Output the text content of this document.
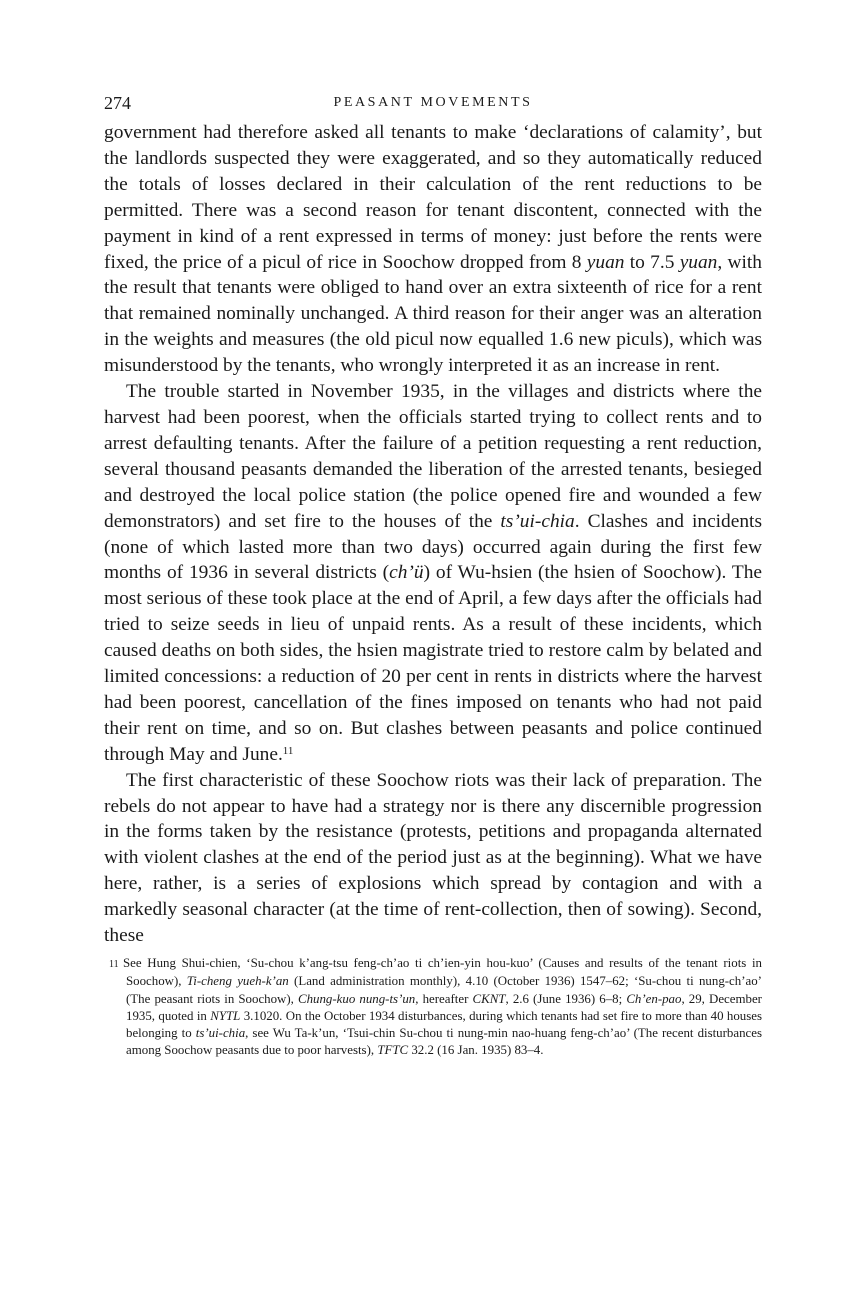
274	PEASANT MOVEMENTS

government had therefore asked all tenants to make ‘declarations of calamity’, but the landlords suspected they were exaggerated, and so they automatically reduced the totals of losses declared in their calculation of the rent reductions to be permitted. There was a second reason for tenant discontent, connected with the payment in kind of a rent expressed in terms of money: just before the rents were fixed, the price of a picul of rice in Soochow dropped from 8 yuan to 7.5 yuan, with the result that tenants were obliged to hand over an extra sixteenth of rice for a rent that remained nominally unchanged. A third reason for their anger was an alteration in the weights and measures (the old picul now equalled 1.6 new piculs), which was misunderstood by the tenants, who wrongly interpreted it as an increase in rent.

The trouble started in November 1935, in the villages and districts where the harvest had been poorest, when the officials started trying to collect rents and to arrest defaulting tenants. After the failure of a petition requesting a rent reduction, several thousand peasants demanded the liberation of the arrested tenants, besieged and destroyed the local police station (the police opened fire and wounded a few demonstrators) and set fire to the houses of the ts’ui-chia. Clashes and incidents (none of which lasted more than two days) occurred again during the first few months of 1936 in several districts (ch’ü) of Wu-hsien (the hsien of Soochow). The most serious of these took place at the end of April, a few days after the officials had tried to seize seeds in lieu of unpaid rents. As a result of these incidents, which caused deaths on both sides, the hsien magistrate tried to restore calm by belated and limited concessions: a reduction of 20 per cent in rents in districts where the harvest had been poorest, cancellation of the fines imposed on tenants who had not paid their rent on time, and so on. But clashes between peasants and police continued through May and June.$^{11}$

The first characteristic of these Soochow riots was their lack of preparation. The rebels do not appear to have had a strategy nor is there any discernible progression in the forms taken by the resistance (protests, petitions and propaganda alternated with violent clashes at the end of the period just as at the beginning). What we have here, rather, is a series of explosions which spread by contagion and with a markedly seasonal character (at the time of rent-collection, then of sowing). Second, these

11 See Hung Shui-chien, ‘Su-chou k’ang-tsu feng-ch’ao ti ch’ien-yin hou-kuo’ (Causes and results of the tenant riots in Soochow), Ti-cheng yueh-k’an (Land administration monthly), 4.10 (October 1936) 1547–62; ‘Su-chou ti nung-ch’ao’ (The peasant riots in Soochow), Chung-kuo nung-ts’un, hereafter CKNT, 2.6 (June 1936) 6–8; Ch’en-pao, 29, December 1935, quoted in NYTL 3.1020. On the October 1934 disturbances, during which tenants had set fire to more than 40 houses belonging to ts’ui-chia, see Wu Ta-k’un, ‘Tsui-chin Su-chou ti nung-min nao-huang feng-ch’ao’ (The recent disturbances among Soochow peasants due to poor harvests), TFTC 32.2 (16 Jan. 1935) 83–4.
